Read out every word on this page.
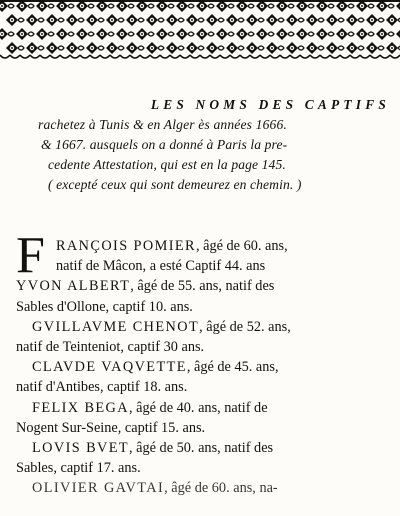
LES NOMS DES CAPTIFS
rachetez à Tunis & en Alger ès années 1666.
& 1667. ausquels on a donné à Paris la pre-
cedente Attestation, qui est en la page 145.
( excepté ceux qui sont demeurez en chemin. )
F RANÇOIS POMIER, âgé de 60. ans,
natif de Mâcon, a esté Captif 44. ans
YVON ALBERT, âgé de 55. ans, natif des
Sables d'Ollone, captif 10. ans.
GVILLAVME CHENOT, âgé de 52. ans,
natif de Teinteniot, captif 30 ans.
CLAVDE VAQVETTE, âgé de 45. ans,
natif d'Antibes, captif 18. ans.
FELIX BEGA, âgé de 40. ans, natif de
Nogent Sur-Seine, captif 15. ans.
LOVIS BVET, âgé de 50. ans, natif des
Sables, captif 17. ans.
OLIVIER GAVTAI, âgé de 60. ans, na-
